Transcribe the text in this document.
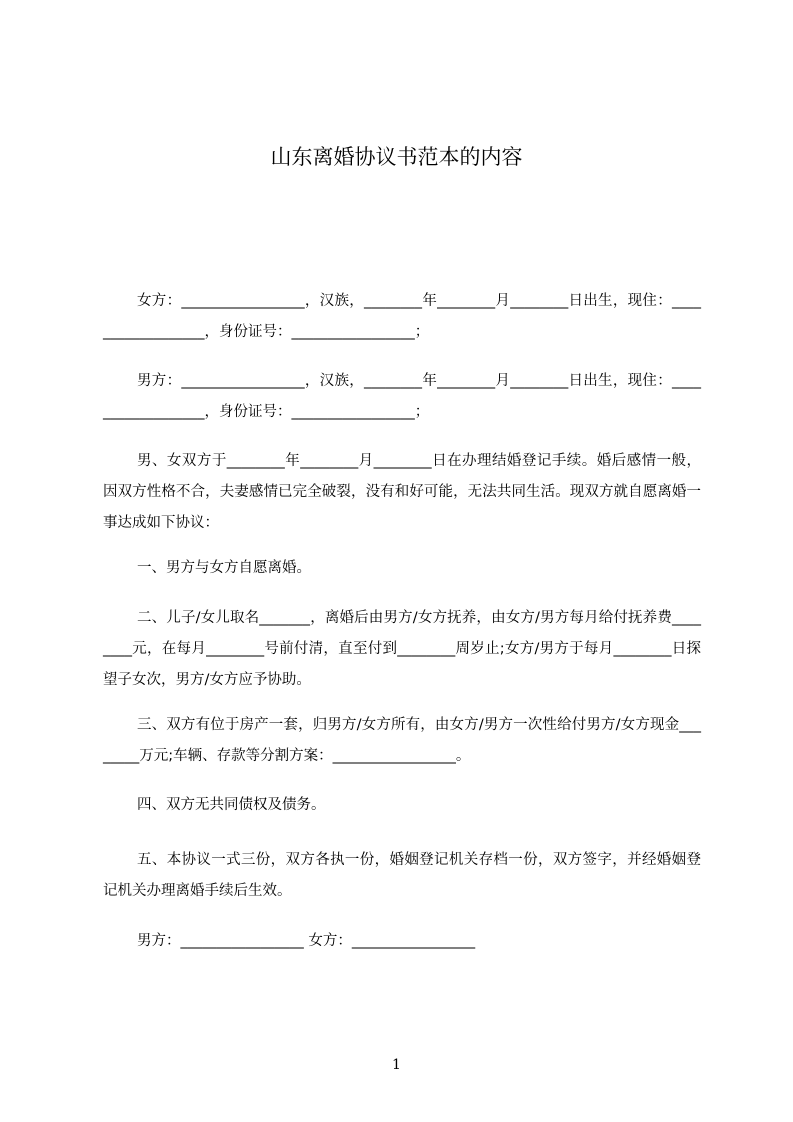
山东离婚协议书范本的内容
女方：_________________，汉族，________年________月________日出生，现住：__________________，身份证号：_________________；
男方：_________________，汉族，________年________月________日出生，现住：__________________，身份证号：_________________；
男、女双方于________年________月________日在办理结婚登记手续。婚后感情一般，因双方性格不合，夫妻感情已完全破裂，没有和好可能，无法共同生活。现双方就自愿离婚一事达成如下协议：
一、男方与女方自愿离婚。
二、儿子/女儿取名_______，离婚后由男方/女方抚养，由女方/男方每月给付抚养费________元，在每月________号前付清，直至付到________周岁止;女方/男方于每月________日探望子女次，男方/女方应予协助。
三、双方有位于房产一套，归男方/女方所有，由女方/男方一次性给付男方/女方现金________万元;车辆、存款等分割方案：_________________。
四、双方无共同债权及债务。
五、本协议一式三份，双方各执一份，婚姻登记机关存档一份，双方签字，并经婚姻登记机关办理离婚手续后生效。
男方：_________________ 女方：_________________
1
